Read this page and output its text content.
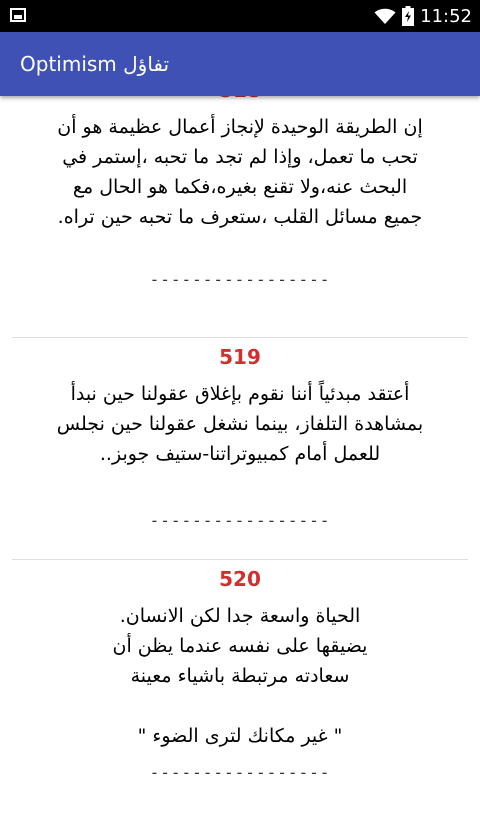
11:52
Optimism تفاؤل

إن الطريقة الوحيدة لإنجاز أعمال عظيمة هو أن
تحب ما تعمل، وإذا لم تجد ما تحبه ،إستمر في
البحث عنه،ولا تقنع بغيره،فكما هو الحال مع
جميع مسائل القلب ،ستعرف ما تحبه حين تراه.

-----------------
519

أعتقد مبدئياً أننا نقوم بإغلاق عقولنا حين نبدأ
بمشاهدة التلفاز، بينما نشغل عقولنا حين نجلس
للعمل أمام كمبيوتراتنا-ستيف جوبز..

-----------------
520

الحياة واسعة جدا لكن الانسان.
يضيقها على نفسه عندما يظن أن
سعادته مرتبطة باشياء معينة

" غير مكانك لترى الضوء "

-----------------
